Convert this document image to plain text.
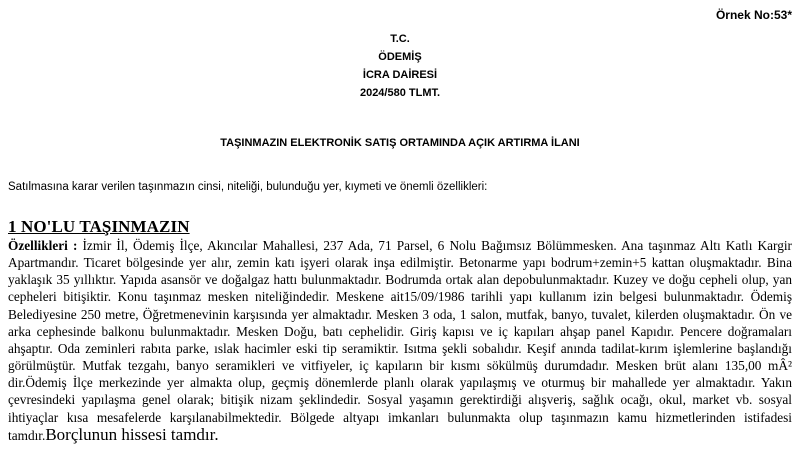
Örnek No:53*
T.C.
ÖDEMİŞ
İCRA DAİRESİ
2024/580 TLMT.
TAŞINMAZIN ELEKTRONİK SATIŞ ORTAMINDA AÇIK ARTIRMA İLANI
Satılmasına karar verilen taşınmazın cinsi, niteliği, bulunduğu yer, kıymeti ve önemli özellikleri:
1 NO'LU TAŞINMAZIN
Özellikleri : İzmir İl, Ödemiş İlçe, Akıncılar Mahallesi, 237 Ada, 71 Parsel, 6 Nolu Bağımsız Bölümmesken. Ana taşınmaz Altı Katlı Kargir Apartmandır. Ticaret bölgesinde yer alır, zemin katı işyeri olarak inşa edilmiştir. Betonarme yapı bodrum+zemin+5 kattan oluşmaktadır. Bina yaklaşık 35 yıllıktır. Yapıda asansör ve doğalgaz hattı bulunmaktadır. Bodrumda ortak alan depobulunmaktadır. Kuzey ve doğu cepheli olup, yan cepheleri bitişiktir. Konu taşınmaz mesken niteliğindedir. Meskene ait15/09/1986 tarihli yapı kullanım izin belgesi bulunmaktadır. Ödemiş Belediyesine 250 metre, Öğretmenevinin karşısında yer almaktadır. Mesken 3 oda, 1 salon, mutfak, banyo, tuvalet, kilerden oluşmaktadır. Ön ve arka cephesinde balkonu bulunmaktadır. Mesken Doğu, batı cephelidir. Giriş kapısı ve iç kapıları ahşap panel Kapıdır. Pencere doğramaları ahşaptır. Oda zeminleri rabıta parke, ıslak hacimler eski tip seramiktir. Isıtma şekli sobalıdır. Keşif anında tadilat-kırım işlemlerine başlandığı görülmüştür. Mutfak tezgahı, banyo seramikleri ve vitfiyeler, iç kapıların bir kısmı sökülmüş durumdadır. Mesken brüt alanı 135,00 mÂ² dir.Ödemiş İlçe merkezinde yer almakta olup, geçmiş dönemlerde planlı olarak yapılaşmış ve oturmuş bir mahallede yer almaktadır. Yakın çevresindeki yapılaşma genel olarak; bitişik nizam şeklindedir. Sosyal yaşamın gerektirdiği alışveriş, sağlık ocağı, okul, market vb. sosyal ihtiyaçlar kısa mesafelerde karşılanabilmektedir. Bölgede altyapı imkanları bulunmakta olup taşınmazın kamu hizmetlerinden istifadesi tamdır.Borçlunun hissesi tamdır.
